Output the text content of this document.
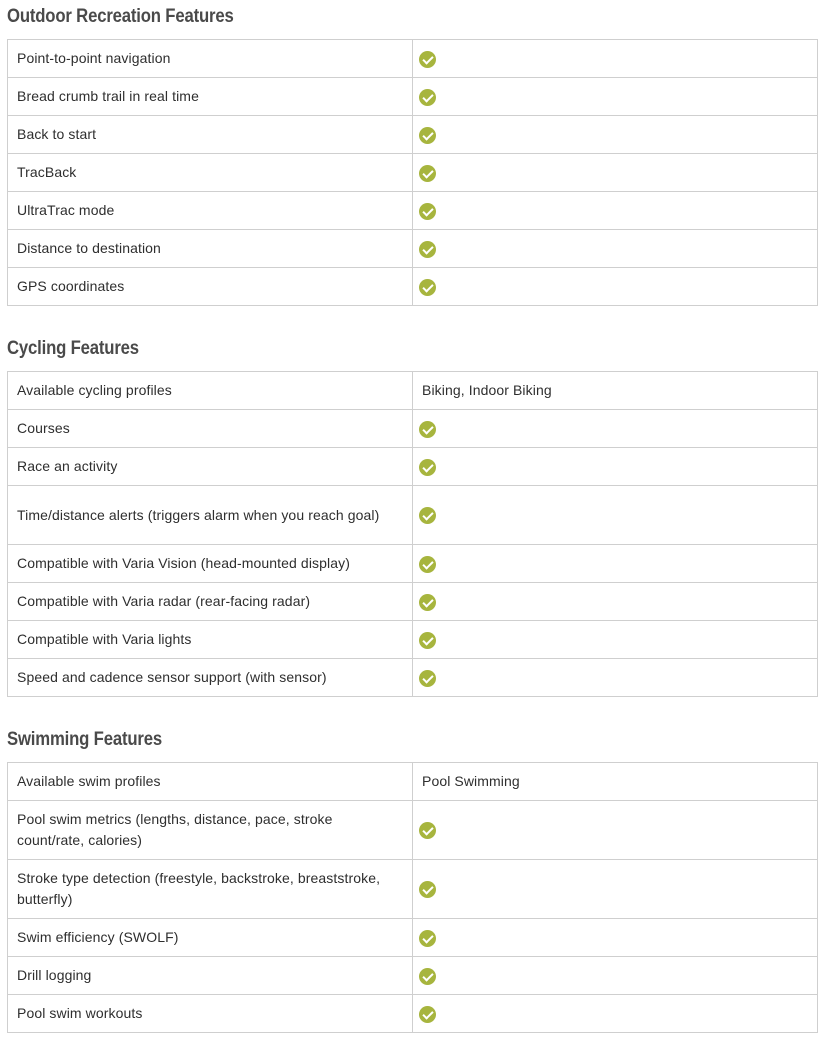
Outdoor Recreation Features
Point-to-point navigation	
Bread crumb trail in real time	
Back to start	
TracBack	
UltraTrac mode	
Distance to destination	
GPS coordinates	
Cycling Features
Available cycling profiles	Biking, Indoor Biking
Courses	
Race an activity	
Time/distance alerts (triggers alarm when you reach goal)	
Compatible with Varia Vision (head-mounted display)	
Compatible with Varia radar (rear-facing radar)	
Compatible with Varia lights	
Speed and cadence sensor support (with sensor)	
Swimming Features
Available swim profiles	Pool Swimming
Pool swim metrics (lengths, distance, pace, stroke count/rate, calories)	
Stroke type detection (freestyle, backstroke, breaststroke, butterfly)	
Swim efficiency (SWOLF)	
Drill logging	
Pool swim workouts	
